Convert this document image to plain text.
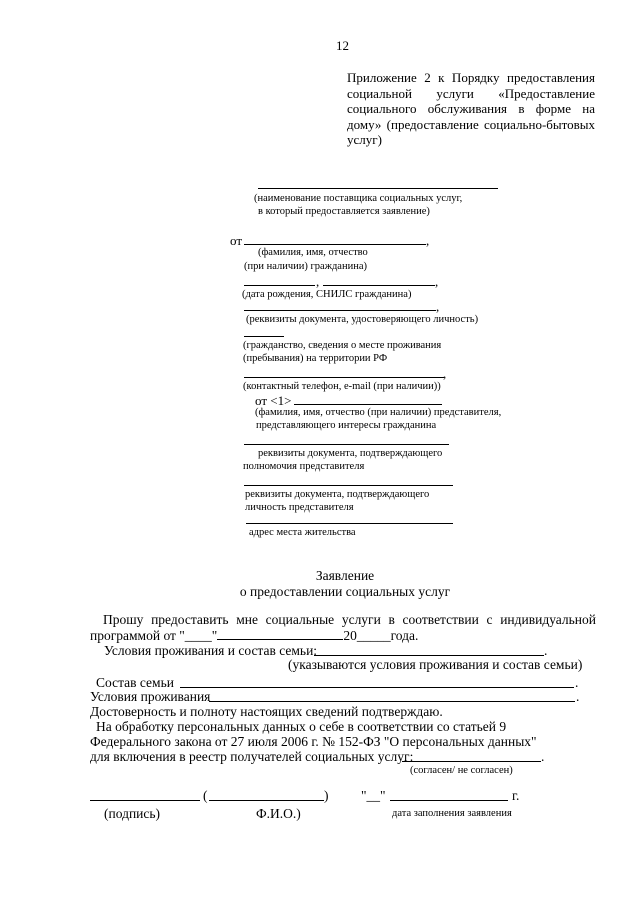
12
Приложение 2 к Порядку предоставления
социальной услуги «Предоставление
социального обслуживания в форме на
дому» (предоставление социально-бытовых
услуг)
(наименование поставщика социальных услуг,
в который предоставляется заявление)
от	,
(фамилия, имя, отчество
(при наличии) гражданина)
,	,
(дата рождения, СНИЛС гражданина)
,
(реквизиты документа, удостоверяющего личность)
(гражданство, сведения о месте проживания
(пребывания) на территории РФ
,
(контактный телефон, e-mail (при наличии))
от <1>
(фамилия, имя, отчество (при наличии) представителя,
представляющего интересы гражданина
реквизиты документа, подтверждающего
полномочия представителя
реквизиты документа, подтверждающего
личность представителя
адрес места жительства
Заявление
о предоставлении социальных услуг
Прошу предоставить мне социальные услуги в соответствии с индивидуальной
программой от "____"	20_____года.
Условия проживания и состав семьи:	.
(указываются условия проживания и состав семьи)
Состав семьи	.
Условия проживания	.
Достоверность и полноту настоящих сведений подтверждаю.
На обработку персональных данных о себе в соответствии со статьей 9
Федерального закона от 27 июля 2006 г. № 152-ФЗ "О персональных данных"
для включения в реестр получателей социальных услуг:	.
(согласен/ не согласен)
(	) "__"	г.
(подпись)	Ф.И.О.)	дата заполнения заявления
